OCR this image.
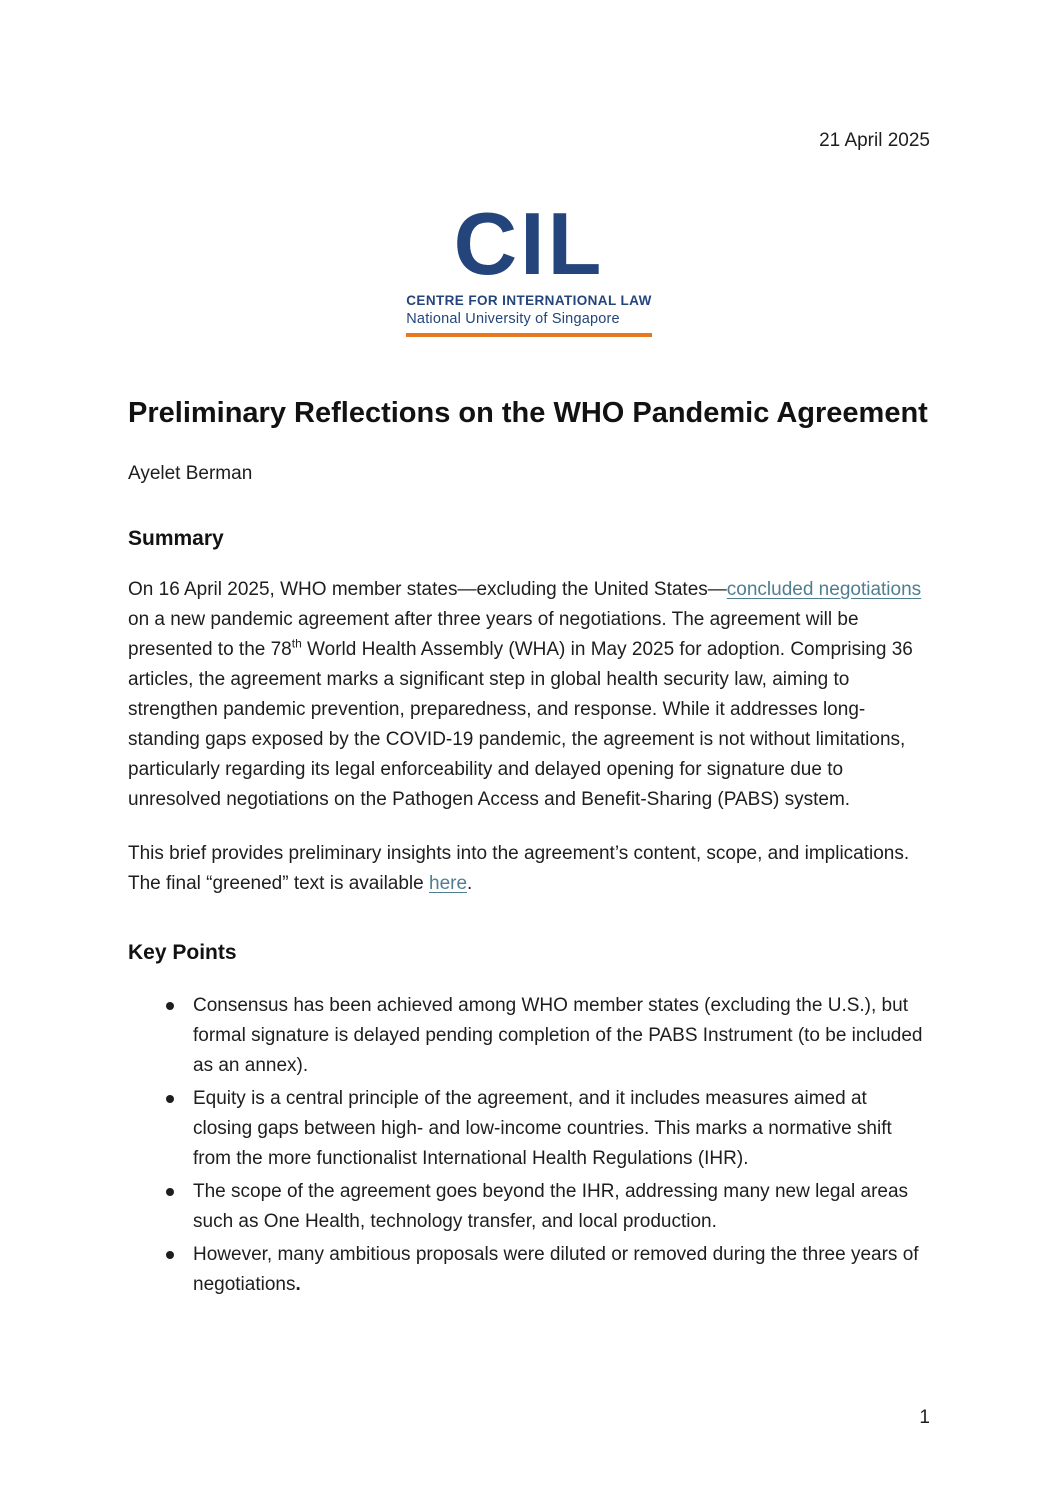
21 April 2025
CIL
CENTRE FOR INTERNATIONAL LAW
National University of Singapore
Preliminary Reflections on the WHO Pandemic Agreement
Ayelet Berman
Summary

On 16 April 2025, WHO member states—excluding the United States—concluded negotiations on a new pandemic agreement after three years of negotiations. The agreement will be presented to the 78th World Health Assembly (WHA) in May 2025 for adoption. Comprising 36 articles, the agreement marks a significant step in global health security law, aiming to strengthen pandemic prevention, preparedness, and response. While it addresses long-standing gaps exposed by the COVID-19 pandemic, the agreement is not without limitations, particularly regarding its legal enforceability and delayed opening for signature due to unresolved negotiations on the Pathogen Access and Benefit-Sharing (PABS) system.

This brief provides preliminary insights into the agreement’s content, scope, and implications. The final “greened” text is available here.

Key Points
Consensus has been achieved among WHO member states (excluding the U.S.), but formal signature is delayed pending completion of the PABS Instrument (to be included as an annex).
Equity is a central principle of the agreement, and it includes measures aimed at closing gaps between high- and low-income countries. This marks a normative shift from the more functionalist International Health Regulations (IHR).
The scope of the agreement goes beyond the IHR, addressing many new legal areas such as One Health, technology transfer, and local production.
However, many ambitious proposals were diluted or removed during the three years of negotiations.
1
